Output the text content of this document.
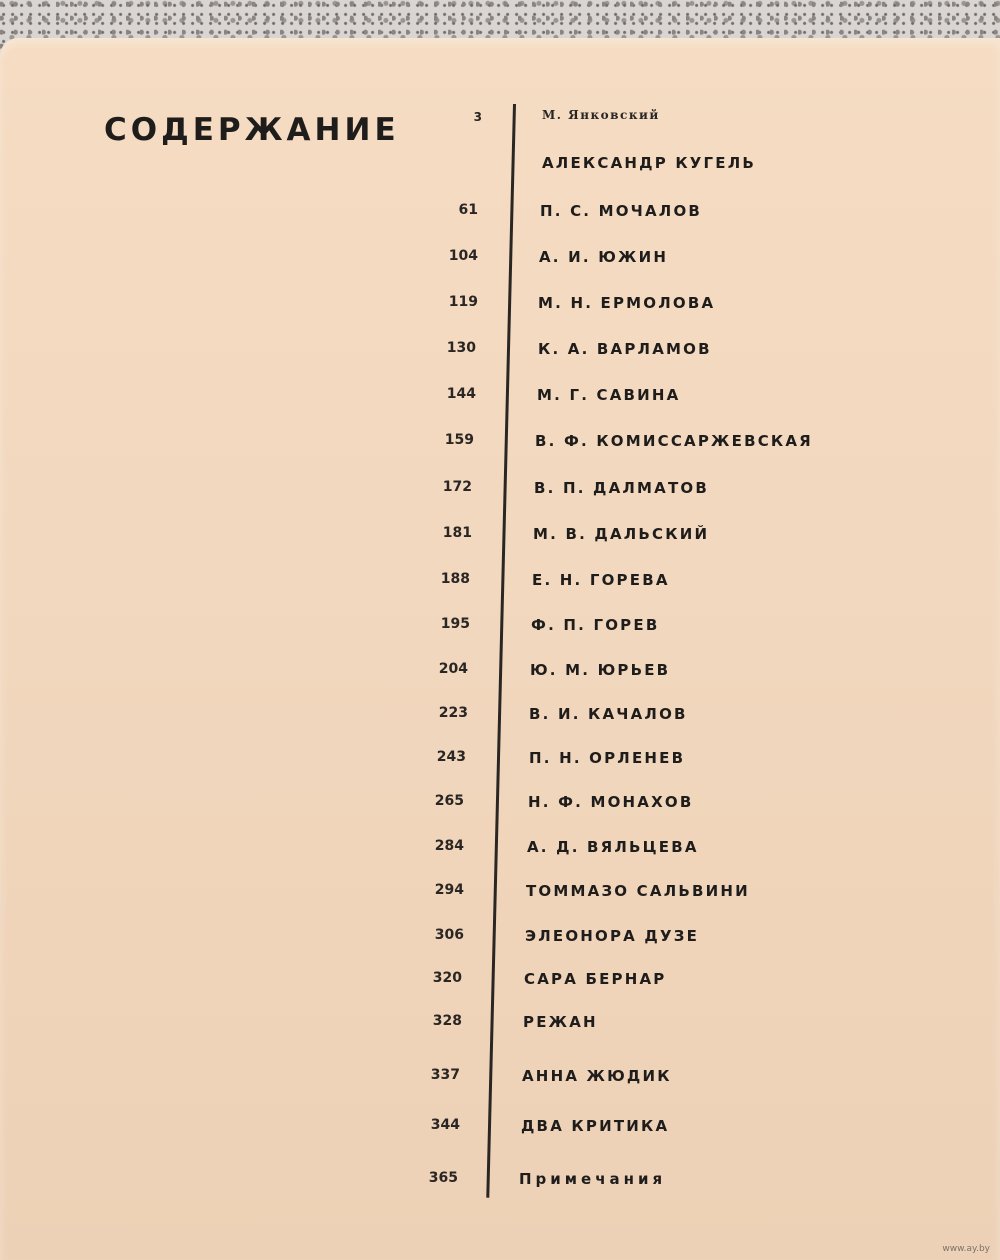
СОДЕРЖАНИЕ	3	М. Янковский
АЛЕКСАНДР КУГЕЛЬ
61	П. С. МОЧАЛОВ
104	А. И. ЮЖИН
119	М. Н. ЕРМОЛОВА
130	К. А. ВАРЛАМОВ
144	М. Г. САВИНА
159	В. Ф. КОМИССАРЖЕВСКАЯ
172	В. П. ДАЛМАТОВ
181	М. В. ДАЛЬСКИЙ
188	Е. Н. ГОРЕВА
195	Ф. П. ГОРЕВ
204	Ю. М. ЮРЬЕВ
223	В. И. КАЧАЛОВ
243	П. Н. ОРЛЕНЕВ
265	Н. Ф. МОНАХОВ
284	А. Д. ВЯЛЬЦЕВА
294	ТОММАЗО САЛЬВИНИ
306	ЭЛЕОНОРА ДУЗЕ
320	САРА БЕРНАР
328	РЕЖАН
337	АННА ЖЮДИК
344	ДВА КРИТИКА
365	Примечания
www.ay.by
